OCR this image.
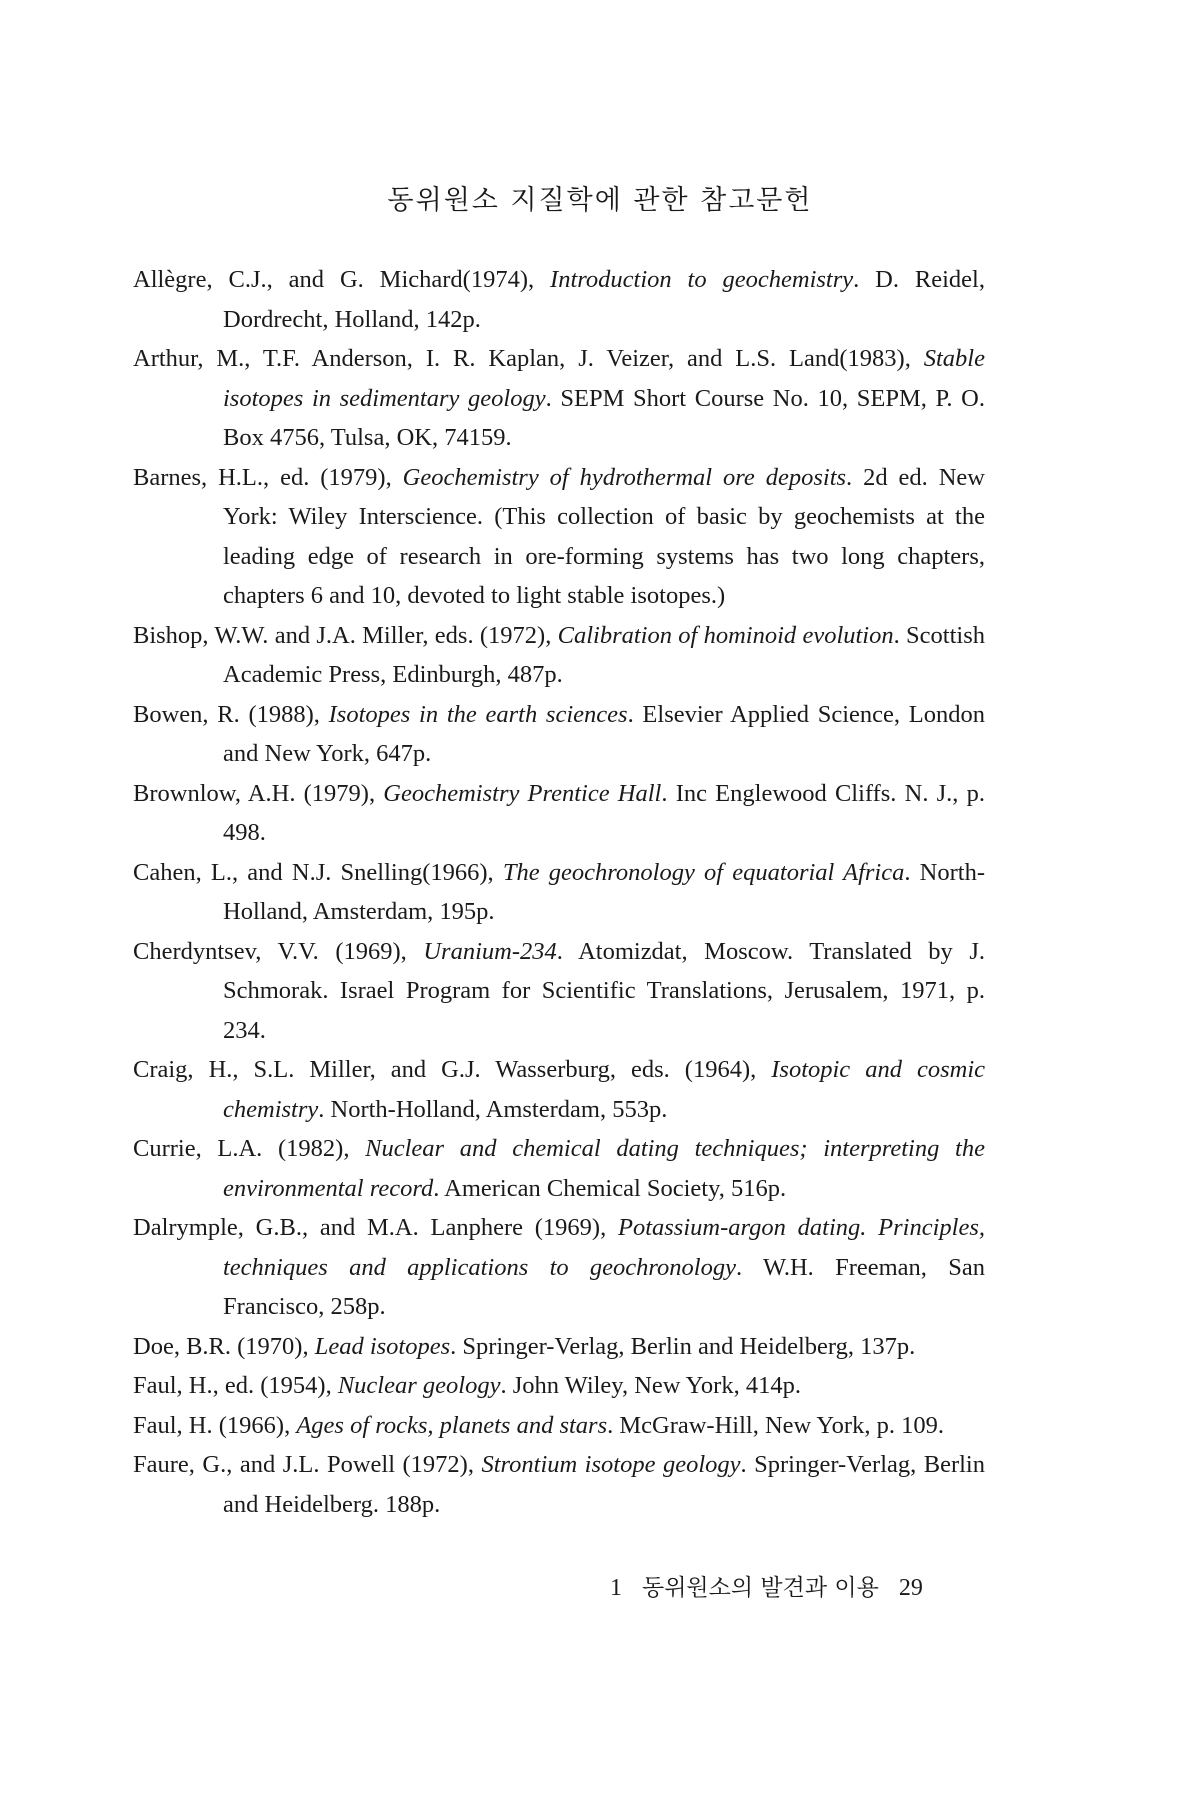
동위원소 지질학에 관한 참고문헌
Allègre, C.J., and G. Michard(1974), Introduction to geochemistry. D. Reidel, Dordrecht, Holland, 142p.
Arthur, M., T.F. Anderson, I. R. Kaplan, J. Veizer, and L.S. Land(1983), Stable isotopes in sedimentary geology. SEPM Short Course No. 10, SEPM, P. O. Box 4756, Tulsa, OK, 74159.
Barnes, H.L., ed. (1979), Geochemistry of hydrothermal ore deposits. 2d ed. New York: Wiley Interscience. (This collection of basic by geochemists at the leading edge of research in ore-forming systems has two long chapters, chapters 6 and 10, devoted to light stable isotopes.)
Bishop, W.W. and J.A. Miller, eds. (1972), Calibration of hominoid evolution. Scottish Academic Press, Edinburgh, 487p.
Bowen, R. (1988), Isotopes in the earth sciences. Elsevier Applied Science, London and New York, 647p.
Brownlow, A.H. (1979), Geochemistry Prentice Hall. Inc Englewood Cliffs. N. J., p. 498.
Cahen, L., and N.J. Snelling(1966), The geochronology of equatorial Africa. North-Holland, Amsterdam, 195p.
Cherdyntsev, V.V. (1969), Uranium-234. Atomizdat, Moscow. Translated by J. Schmorak. Israel Program for Scientific Translations, Jerusalem, 1971, p. 234.
Craig, H., S.L. Miller, and G.J. Wasserburg, eds. (1964), Isotopic and cosmic chemistry. North-Holland, Amsterdam, 553p.
Currie, L.A. (1982), Nuclear and chemical dating techniques; interpreting the environmental record. American Chemical Society, 516p.
Dalrymple, G.B., and M.A. Lanphere (1969), Potassium-argon dating. Principles, techniques and applications to geochronology. W.H. Freeman, San Francisco, 258p.
Doe, B.R. (1970), Lead isotopes. Springer-Verlag, Berlin and Heidelberg, 137p.
Faul, H., ed. (1954), Nuclear geology. John Wiley, New York, 414p.
Faul, H. (1966), Ages of rocks, planets and stars. McGraw-Hill, New York, p. 109.
Faure, G., and J.L. Powell (1972), Strontium isotope geology. Springer-Verlag, Berlin and Heidelberg. 188p.
1 동위원소의 발견과 이용 29
